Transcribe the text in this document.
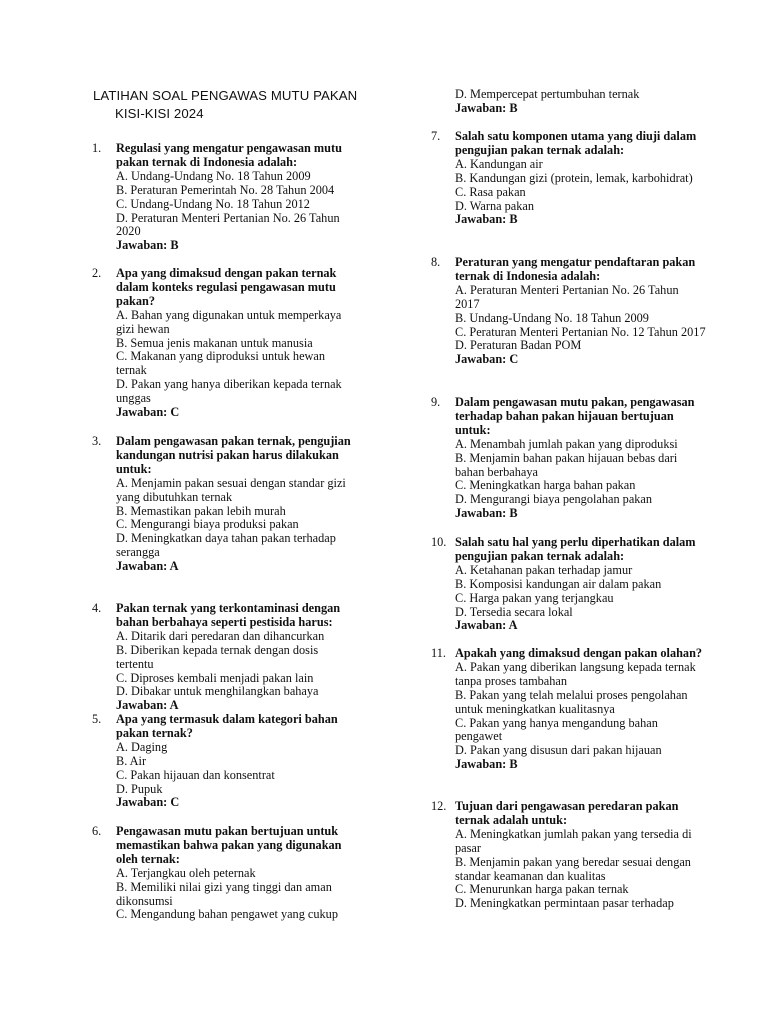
LATIHAN SOAL PENGAWAS MUTU PAKAN
KISI-KISI 2024
1.	Regulasi yang mengatur pengawasan mutu pakan ternak di Indonesia adalah:
A. Undang-Undang No. 18 Tahun 2009
B. Peraturan Pemerintah No. 28 Tahun 2004
C. Undang-Undang No. 18 Tahun 2012
D. Peraturan Menteri Pertanian No. 26 Tahun 2020
Jawaban: B
2.	Apa yang dimaksud dengan pakan ternak dalam konteks regulasi pengawasan mutu pakan?
A. Bahan yang digunakan untuk memperkaya gizi hewan
B. Semua jenis makanan untuk manusia
C. Makanan yang diproduksi untuk hewan ternak
D. Pakan yang hanya diberikan kepada ternak unggas
Jawaban: C
3.	Dalam pengawasan pakan ternak, pengujian kandungan nutrisi pakan harus dilakukan untuk:
A. Menjamin pakan sesuai dengan standar gizi yang dibutuhkan ternak
B. Memastikan pakan lebih murah
C. Mengurangi biaya produksi pakan
D. Meningkatkan daya tahan pakan terhadap serangga
Jawaban: A
4.	Pakan ternak yang terkontaminasi dengan bahan berbahaya seperti pestisida harus:
A. Ditarik dari peredaran dan dihancurkan
B. Diberikan kepada ternak dengan dosis tertentu
C. Diproses kembali menjadi pakan lain
D. Dibakar untuk menghilangkan bahaya
Jawaban: A
5.	Apa yang termasuk dalam kategori bahan pakan ternak?
A. Daging
B. Air
C. Pakan hijauan dan konsentrat
D. Pupuk
Jawaban: C
6.	Pengawasan mutu pakan bertujuan untuk memastikan bahwa pakan yang digunakan oleh ternak:
A. Terjangkau oleh peternak
B. Memiliki nilai gizi yang tinggi dan aman dikonsumsi
C. Mengandung bahan pengawet yang cukup
D. Mempercepat pertumbuhan ternak
Jawaban: B
7.	Salah satu komponen utama yang diuji dalam pengujian pakan ternak adalah:
A. Kandungan air
B. Kandungan gizi (protein, lemak, karbohidrat)
C. Rasa pakan
D. Warna pakan
Jawaban: B
8.	Peraturan yang mengatur pendaftaran pakan ternak di Indonesia adalah:
A. Peraturan Menteri Pertanian No. 26 Tahun 2017
B. Undang-Undang No. 18 Tahun 2009
C. Peraturan Menteri Pertanian No. 12 Tahun 2017
D. Peraturan Badan POM
Jawaban: C
9.	Dalam pengawasan mutu pakan, pengawasan terhadap bahan pakan hijauan bertujuan untuk:
A. Menambah jumlah pakan yang diproduksi
B. Menjamin bahan pakan hijauan bebas dari bahan berbahaya
C. Meningkatkan harga bahan pakan
D. Mengurangi biaya pengolahan pakan
Jawaban: B
10. Salah satu hal yang perlu diperhatikan dalam pengujian pakan ternak adalah:
A. Ketahanan pakan terhadap jamur
B. Komposisi kandungan air dalam pakan
C. Harga pakan yang terjangkau
D. Tersedia secara lokal
Jawaban: A
11. Apakah yang dimaksud dengan pakan olahan?
A. Pakan yang diberikan langsung kepada ternak tanpa proses tambahan
B. Pakan yang telah melalui proses pengolahan untuk meningkatkan kualitasnya
C. Pakan yang hanya mengandung bahan pengawet
D. Pakan yang disusun dari pakan hijauan
Jawaban: B
12. Tujuan dari pengawasan peredaran pakan ternak adalah untuk:
A. Meningkatkan jumlah pakan yang tersedia di pasar
B. Menjamin pakan yang beredar sesuai dengan standar keamanan dan kualitas
C. Menurunkan harga pakan ternak
D. Meningkatkan permintaan pasar terhadap
